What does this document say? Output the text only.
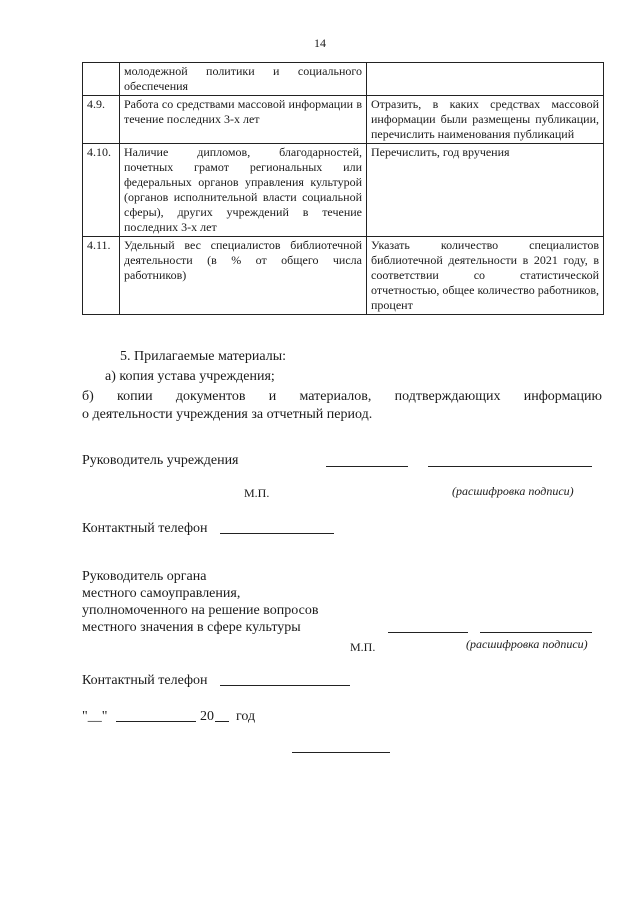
14
	молодежной политики и социального обеспечения	
4.9.	Работа со средствами массовой информации в течение последних 3-х лет	Отразить, в каких средствах массовой информации были размещены публикации, перечислить наименования публикаций
4.10.	Наличие дипломов, благодарностей, почетных грамот региональных или федеральных органов управления культурой (органов исполнительной власти социальной сферы), других учреждений в течение последних 3-х лет	Перечислить, год вручения
4.11.	Удельный вес специалистов библиотечной деятельности (в % от общего числа работников)	Указать количество специалистов библиотечной деятельности в 2021 году, в соответствии со статистической отчетностью, общее количество работников, процент
5. Прилагаемые материалы:
а) копия устава учреждения;
б) копии документов и материалов, подтверждающих информацию
о деятельности учреждения за отчетный период.
Руководитель учреждения
М.П.	(расшифровка подписи)
Контактный телефон
Руководитель органа
местного самоуправления,
уполномоченного на решение вопросов
местного значения в сфере культуры
М.П.	(расшифровка подписи)
Контактный телефон
"__"	20 год
